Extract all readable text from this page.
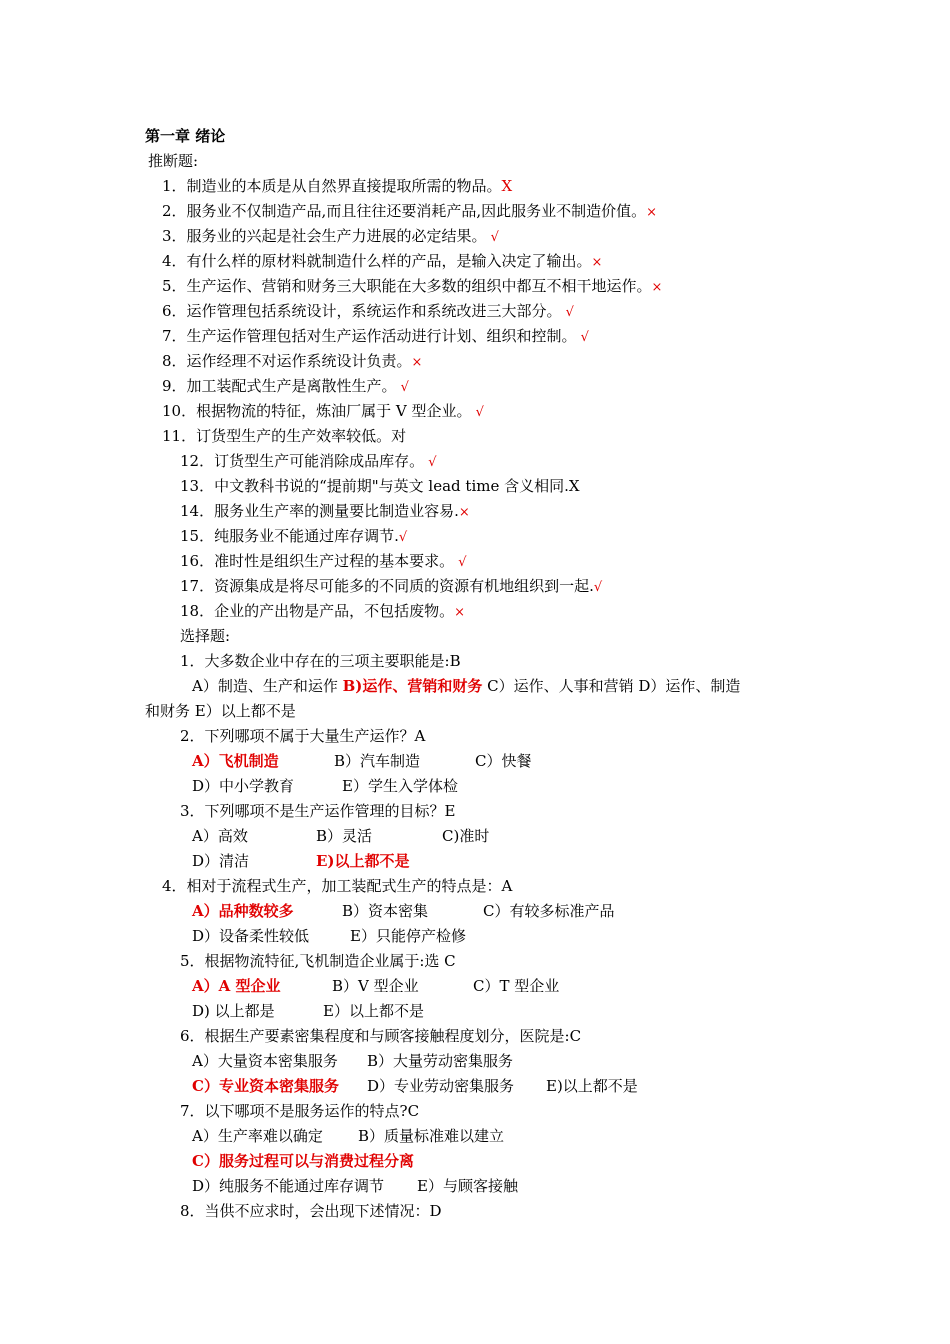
第一章 绪论
推断题:
1．制造业的本质是从自然界直接提取所需的物品。X
2．服务业不仅制造产品,而且往往还要消耗产品,因此服务业不制造价值。×
3．服务业的兴起是社会生产力进展的必定结果。 √
4．有什么样的原材料就制造什么样的产品，是输入决定了输出。×
5．生产运作、营销和财务三大职能在大多数的组织中都互不相干地运作。×
6．运作管理包括系统设计，系统运作和系统改进三大部分。 √
7．生产运作管理包括对生产运作活动进行计划、组织和控制。 √
8．运作经理不对运作系统设计负责。×
9．加工装配式生产是离散性生产。 √
10．根据物流的特征，炼油厂属于 V 型企业。 √
11．订货型生产的生产效率较低。对
12．订货型生产可能消除成品库存。 √
13．中文教科书说的“提前期"与英文 lead time 含义相同.X
14．服务业生产率的测量要比制造业容易.×
15．纯服务业不能通过库存调节.√
16．准时性是组织生产过程的基本要求。 √
17．资源集成是将尽可能多的不同质的资源有机地组织到一起.√
18．企业的产出物是产品，不包括废物。×
选择题:
1．大多数企业中存在的三项主要职能是:B
A）制造、生产和运作 B)运作、营销和财务 C）运作、人事和营销 D）运作、制造
和财务 E）以上都不是
2．下列哪项不属于大量生产运作？A
A）飞机制造	B）汽车制造	C）快餐
D）中小学教育	E）学生入学体检
3．下列哪项不是生产运作管理的目标？E
A）高效	B）灵活	C)准时
D）清洁	E)以上都不是
4．相对于流程式生产，加工装配式生产的特点是：A
A）品种数较多	B）资本密集	C）有较多标准产品
D）设备柔性较低	E）只能停产检修
5．根据物流特征,飞机制造企业属于:选 C
A）A 型企业	B）V 型企业	C）T 型企业
D) 以上都是	E）以上都不是
6．根据生产要素密集程度和与顾客接触程度划分，医院是:C
A）大量资本密集服务 B）大量劳动密集服务
C）专业资本密集服务 D）专业劳动密集服务 E)以上都不是
7．以下哪项不是服务运作的特点?C
A）生产率难以确定 B）质量标准难以建立
C）服务过程可以与消费过程分离
D）纯服务不能通过库存调节 E）与顾客接触
8．当供不应求时，会出现下述情况：D
